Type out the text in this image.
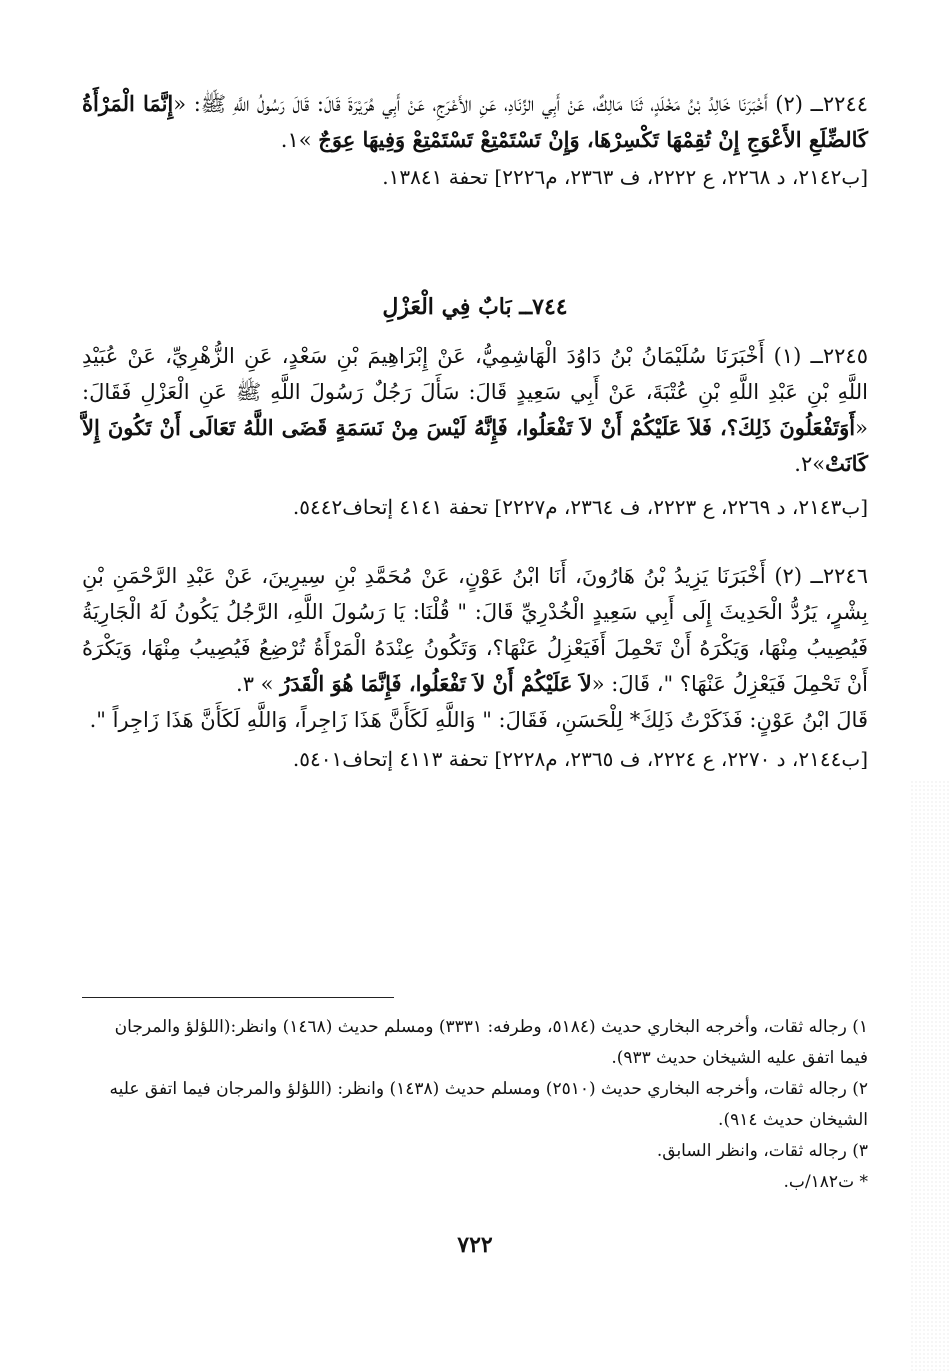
٢٢٤٤ــ (٢) أَخْبَرَنَا خَالِدُ بْنُ مَخْلَدٍ، ثَنَا مَالِكٌ، عَنْ أَبِي الزِّنَادِ، عَنِ الأَعْرَجِ، عَنْ أَبِي هُرَيْرَةَ قَالَ: قَالَ رَسُولُ اللَّهِ ﷺ: «إِنَّمَا الْمَرْأَةُ كَالضِّلَعِ الأَعْوَجِ إِنْ تُقِمْهَا تَكْسِرْهَا، وَإِنْ تَسْتَمْتِعْ تَسْتَمْتِعْ وَفِيهَا عِوَجٌ »١.

[ب٢١٤٢، د ٢٢٦٨، ع ٢٢٢٢، ف ٢٣٦٣، م٢٢٢٦] تحفة ١٣٨٤١.

٧٤٤ــ بَابٌ فِي الْعَزْلِ

٢٢٤٥ــ (١) أَخْبَرَنَا سُلَيْمَانُ بْنُ دَاوُدَ الْهَاشِمِيُّ، عَنْ إِبْرَاهِيمَ بْنِ سَعْدٍ، عَنِ الزُّهْرِيِّ، عَنْ عُبَيْدِ اللَّهِ بْنِ عَبْدِ اللَّهِ بْنِ عُتْبَةَ، عَنْ أَبِي سَعِيدٍ قَالَ: سَأَلَ رَجُلٌ رَسُولَ اللَّهِ ﷺ عَنِ الْعَزْلِ فَقَالَ: «أَوَتَفْعَلُونَ ذَلِكَ؟، فَلاَ عَلَيْكُمْ أَنْ لاَ تَفْعَلُوا، فَإِنَّهُ لَيْسَ مِنْ نَسَمَةٍ قَضَى اللَّهُ تَعَالَى أَنْ تَكُونَ إِلاَّ كَانَتْ»٢.

[ب٢١٤٣، د ٢٢٦٩، ع ٢٢٢٣، ف ٢٣٦٤، م٢٢٢٧] تحفة ٤١٤١ إتحاف٥٤٤٢.

٢٢٤٦ــ (٢) أَخْبَرَنَا يَزِيدُ بْنُ هَارُونَ، أَنَا ابْنُ عَوْنٍ، عَنْ مُحَمَّدِ بْنِ سِيرِينَ، عَنْ عَبْدِ الرَّحْمَنِ بْنِ بِشْرٍ، يَرُدُّ الْحَدِيثَ إِلَى أَبِي سَعِيدٍ الْخُدْرِيِّ قَالَ: " قُلْنَا: يَا رَسُولَ اللَّهِ، الرَّجُلُ يَكُونُ لَهُ الْجَارِيَةُ فَيُصِيبُ مِنْهَا، وَيَكْرَهُ أَنْ تَحْمِلَ أَفَيَعْزِلُ عَنْهَا؟، وَتَكُونُ عِنْدَهُ الْمَرْأَةُ تُرْضِعُ فَيُصِيبُ مِنْهَا، وَيَكْرَهُ أَنْ تَحْمِلَ فَيَعْزِلُ عَنْهَا؟ "، قَالَ: «لاَ عَلَيْكُمْ أَنْ لاَ تَفْعَلُوا، فَإِنَّمَا هُوَ الْقَدَرُ » ٣.

قَالَ ابْنُ عَوْنٍ: فَذَكَرْتُ ذَلِكَ* لِلْحَسَنِ، فَقَالَ: " وَاللَّهِ لَكَأَنَّ هَذَا زَاجِراً، وَاللَّهِ لَكَأَنَّ هَذَا زَاجِراً ".

[ب٢١٤٤، د ٢٢٧٠، ع ٢٢٢٤، ف ٢٣٦٥، م٢٢٢٨] تحفة ٤١١٣ إتحاف٥٤٠١.

١) رجاله ثقات، وأخرجه البخاري حديث (٥١٨٤، وطرفه: ٣٣٣١) ومسلم حديث (١٤٦٨) وانظر:(اللؤلؤ والمرجان فيما اتفق عليه الشيخان حديث ٩٣٣).

٢) رجاله ثقات، وأخرجه البخاري حديث (٢٥١٠) ومسلم حديث (١٤٣٨) وانظر: (اللؤلؤ والمرجان فيما اتفق عليه الشيخان حديث ٩١٤).

٣) رجاله ثقات، وانظر السابق.

* ت١٨٢/ب.

٧٢٢
